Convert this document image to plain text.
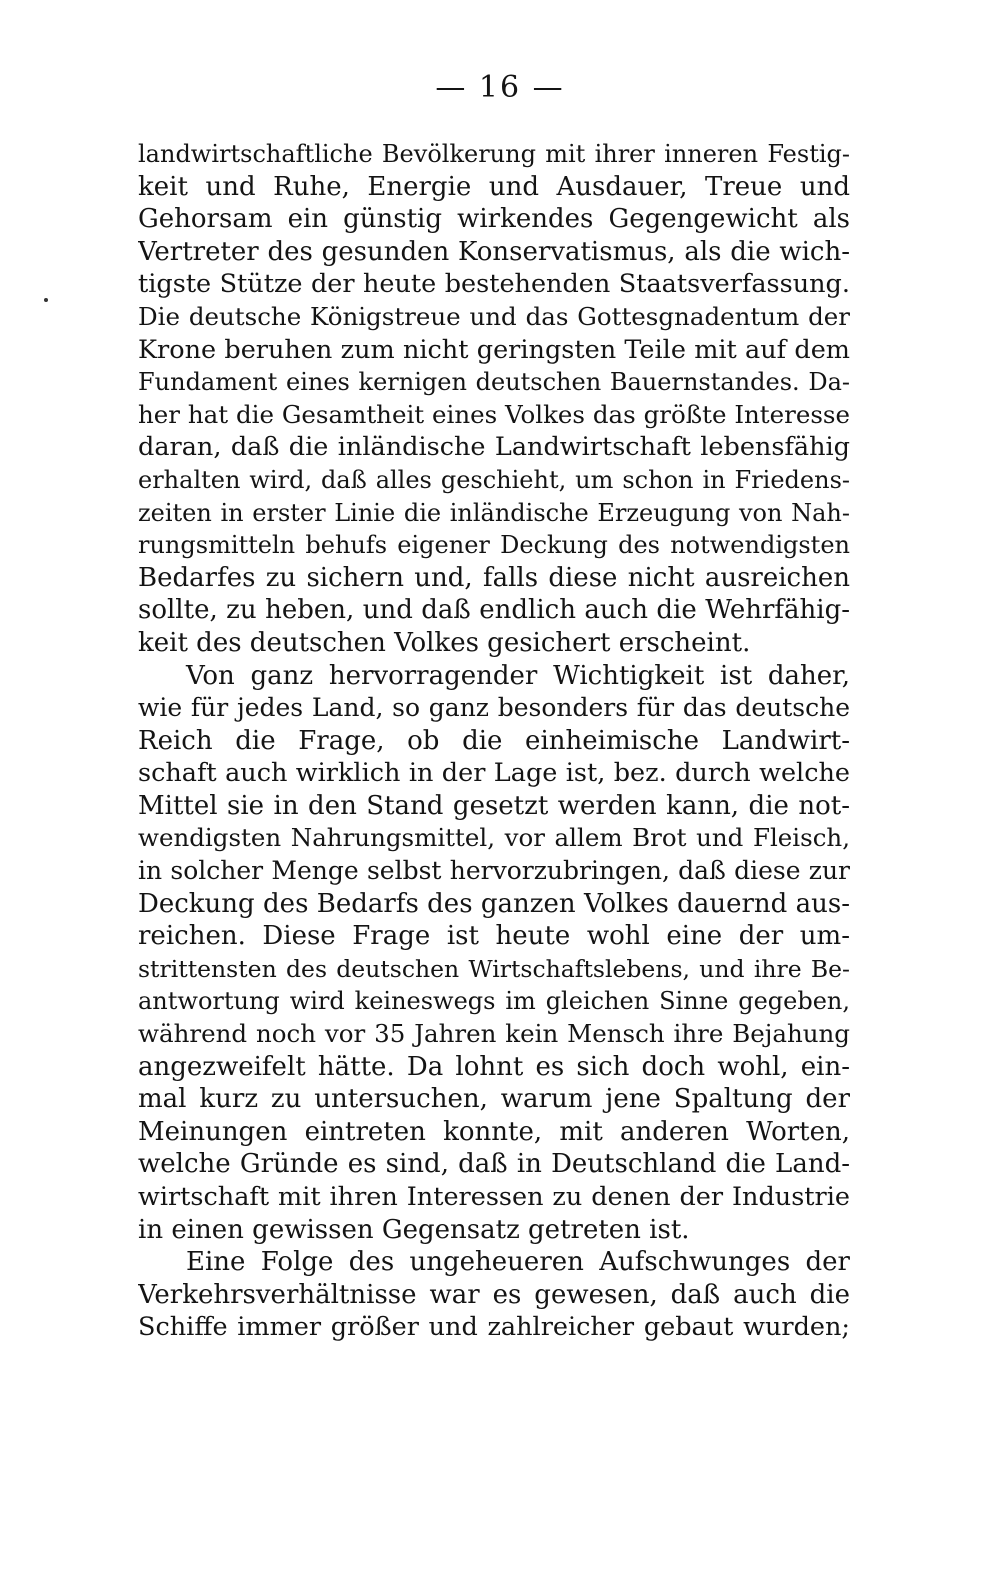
— 16 —
landwirtschaftliche Bevölkerung mit ihrer inneren Festig-
keit und Ruhe, Energie und Ausdauer, Treue und
Gehorsam ein günstig wirkendes Gegengewicht als
Vertreter des gesunden Konservatismus, als die wich-
tigste Stütze der heute bestehenden Staatsverfassung.
Die deutsche Königstreue und das Gottesgnadentum der
Krone beruhen zum nicht geringsten Teile mit auf dem
Fundament eines kernigen deutschen Bauernstandes. Da-
her hat die Gesamtheit eines Volkes das größte Interesse
daran, daß die inländische Landwirtschaft lebensfähig
erhalten wird, daß alles geschieht, um schon in Friedens-
zeiten in erster Linie die inländische Erzeugung von Nah-
rungsmitteln behufs eigener Deckung des notwendigsten
Bedarfes zu sichern und, falls diese nicht ausreichen
sollte, zu heben, und daß endlich auch die Wehrfähig-
keit des deutschen Volkes gesichert erscheint.
Von ganz hervorragender Wichtigkeit ist daher,
wie für jedes Land, so ganz besonders für das deutsche
Reich die Frage, ob die einheimische Landwirt-
schaft auch wirklich in der Lage ist, bez. durch welche
Mittel sie in den Stand gesetzt werden kann, die not-
wendigsten Nahrungsmittel, vor allem Brot und Fleisch,
in solcher Menge selbst hervorzubringen, daß diese zur
Deckung des Bedarfs des ganzen Volkes dauernd aus-
reichen. Diese Frage ist heute wohl eine der um-
strittensten des deutschen Wirtschaftslebens, und ihre Be-
antwortung wird keineswegs im gleichen Sinne gegeben,
während noch vor 35 Jahren kein Mensch ihre Bejahung
angezweifelt hätte. Da lohnt es sich doch wohl, ein-
mal kurz zu untersuchen, warum jene Spaltung der
Meinungen eintreten konnte, mit anderen Worten,
welche Gründe es sind, daß in Deutschland die Land-
wirtschaft mit ihren Interessen zu denen der Industrie
in einen gewissen Gegensatz getreten ist.
Eine Folge des ungeheueren Aufschwunges der
Verkehrsverhältnisse war es gewesen, daß auch die
Schiffe immer größer und zahlreicher gebaut wurden;
